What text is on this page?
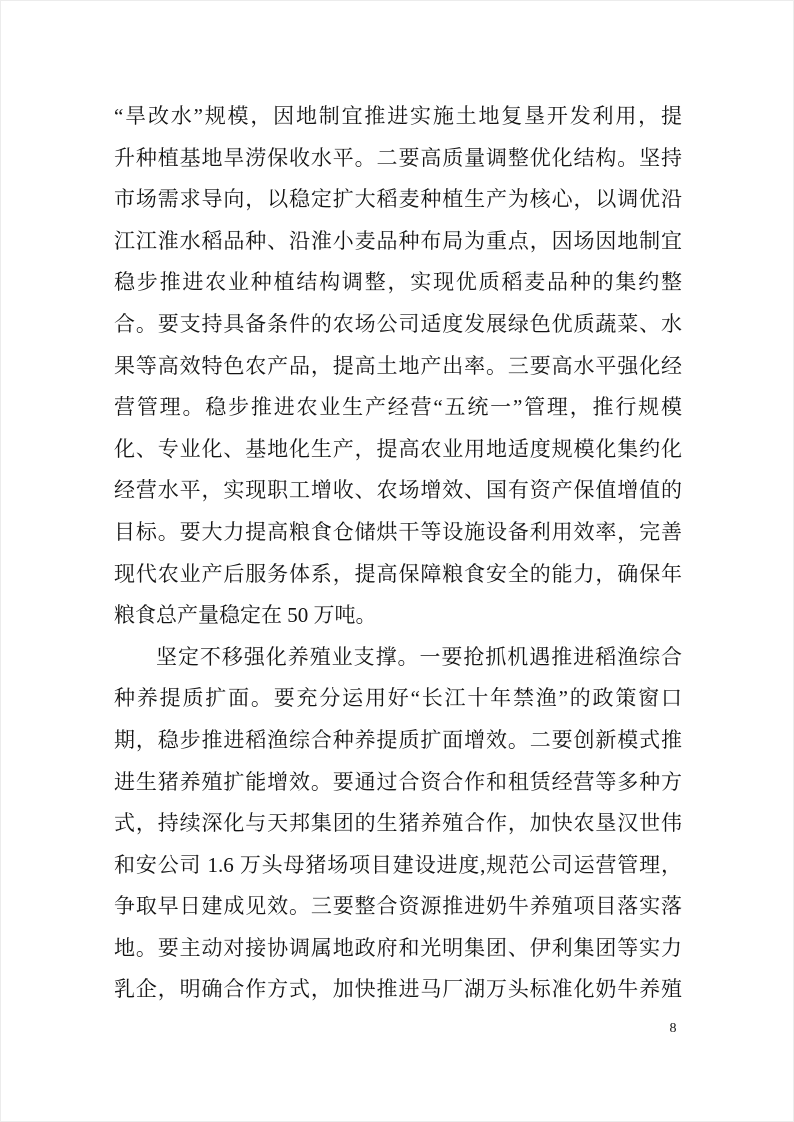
“旱改水”规模，因地制宜推进实施土地复垦开发利用，提
升种植基地旱涝保收水平。二要高质量调整优化结构。坚持
市场需求导向，以稳定扩大稻麦种植生产为核心，以调优沿
江江淮水稻品种、沿淮小麦品种布局为重点，因场因地制宜
稳步推进农业种植结构调整，实现优质稻麦品种的集约整
合。要支持具备条件的农场公司适度发展绿色优质蔬菜、水
果等高效特色农产品，提高土地产出率。三要高水平强化经
营管理。稳步推进农业生产经营“五统一”管理，推行规模
化、专业化、基地化生产，提高农业用地适度规模化集约化
经营水平，实现职工增收、农场增效、国有资产保值增值的
目标。要大力提高粮食仓储烘干等设施设备利用效率，完善
现代农业产后服务体系，提高保障粮食安全的能力，确保年
粮食总产量稳定在 50 万吨。
坚定不移强化养殖业支撑。一要抢抓机遇推进稻渔综合
种养提质扩面。要充分运用好“长江十年禁渔”的政策窗口
期，稳步推进稻渔综合种养提质扩面增效。二要创新模式推
进生猪养殖扩能增效。要通过合资合作和租赁经营等多种方
式，持续深化与天邦集团的生猪养殖合作，加快农垦汉世伟
和安公司 1.6 万头母猪场项目建设进度,规范公司运营管理，
争取早日建成见效。三要整合资源推进奶牛养殖项目落实落
地。要主动对接协调属地政府和光明集团、伊利集团等实力
乳企，明确合作方式，加快推进马厂湖万头标准化奶牛养殖
8
